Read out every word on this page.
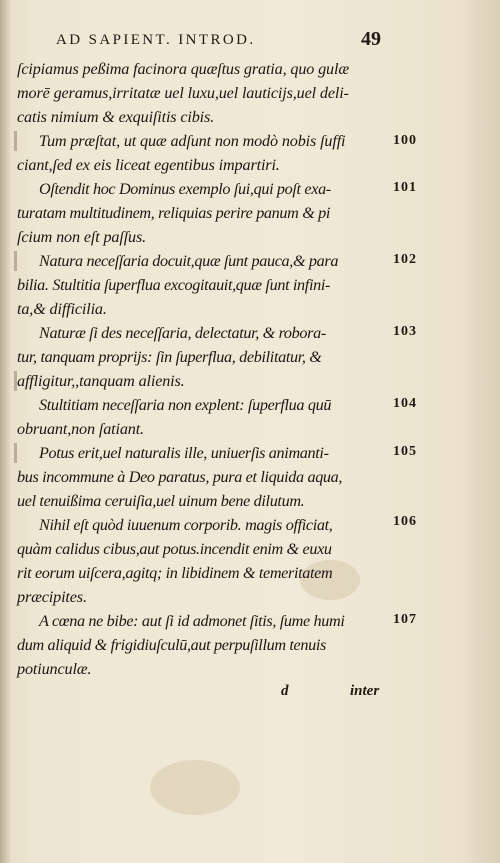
AD SAPIENT. INTROD.	49
ſcipiamus peßima facinora quæſtus gratia, quo gulæ
morē geramus,irritatæ uel luxu,uel lauticijs,uel deli-
catis nimium & exquiſitis cibis.
Tum præſtat, ut quæ adſunt non modò nobis ſuffi
ciant,ſed ex eis liceat egentibus impartiri.
Oſtendit hoc Dominus exemplo ſui,qui poſt exa-
turatam multitudinem, reliquias perire panum & pi
ſcium non eſt paſſus.
Natura neceſſaria docuit,quæ ſunt pauca,& para
bilia. Stultitia ſuperflua excogitauit,quæ ſunt infini-
ta,& difficilia.
Naturæ ſi des neceſſaria, delectatur, & robora-
tur, tanquam proprijs: ſin ſuperflua, debilitatur, &
affligitur,,tanquam alienis.
Stultitiam neceſſaria non explent: ſuperflua quū
obruant,non ſatiant.
Potus erit,uel naturalis ille, uniuerſis animanti-
bus incommune à Deo paratus, pura et liquida aqua,
uel tenuißima ceruiſia,uel uinum bene dilutum.
Nihil eſt quòd iuuenum corporib. magis officiat,
quàm calidus cibus,aut potus.incendit enim & euxu
rit eorum uiſcera,agitq; in libidinem & temeritatem
præcipites.
A cœna ne bibe: aut ſi id admonet ſitis, ſume humi
dum aliquid & frigidiuſculū,aut perpuſillum tenuis
potiunculæ.
100
101
102
103
104
105
106
107
d	inter
